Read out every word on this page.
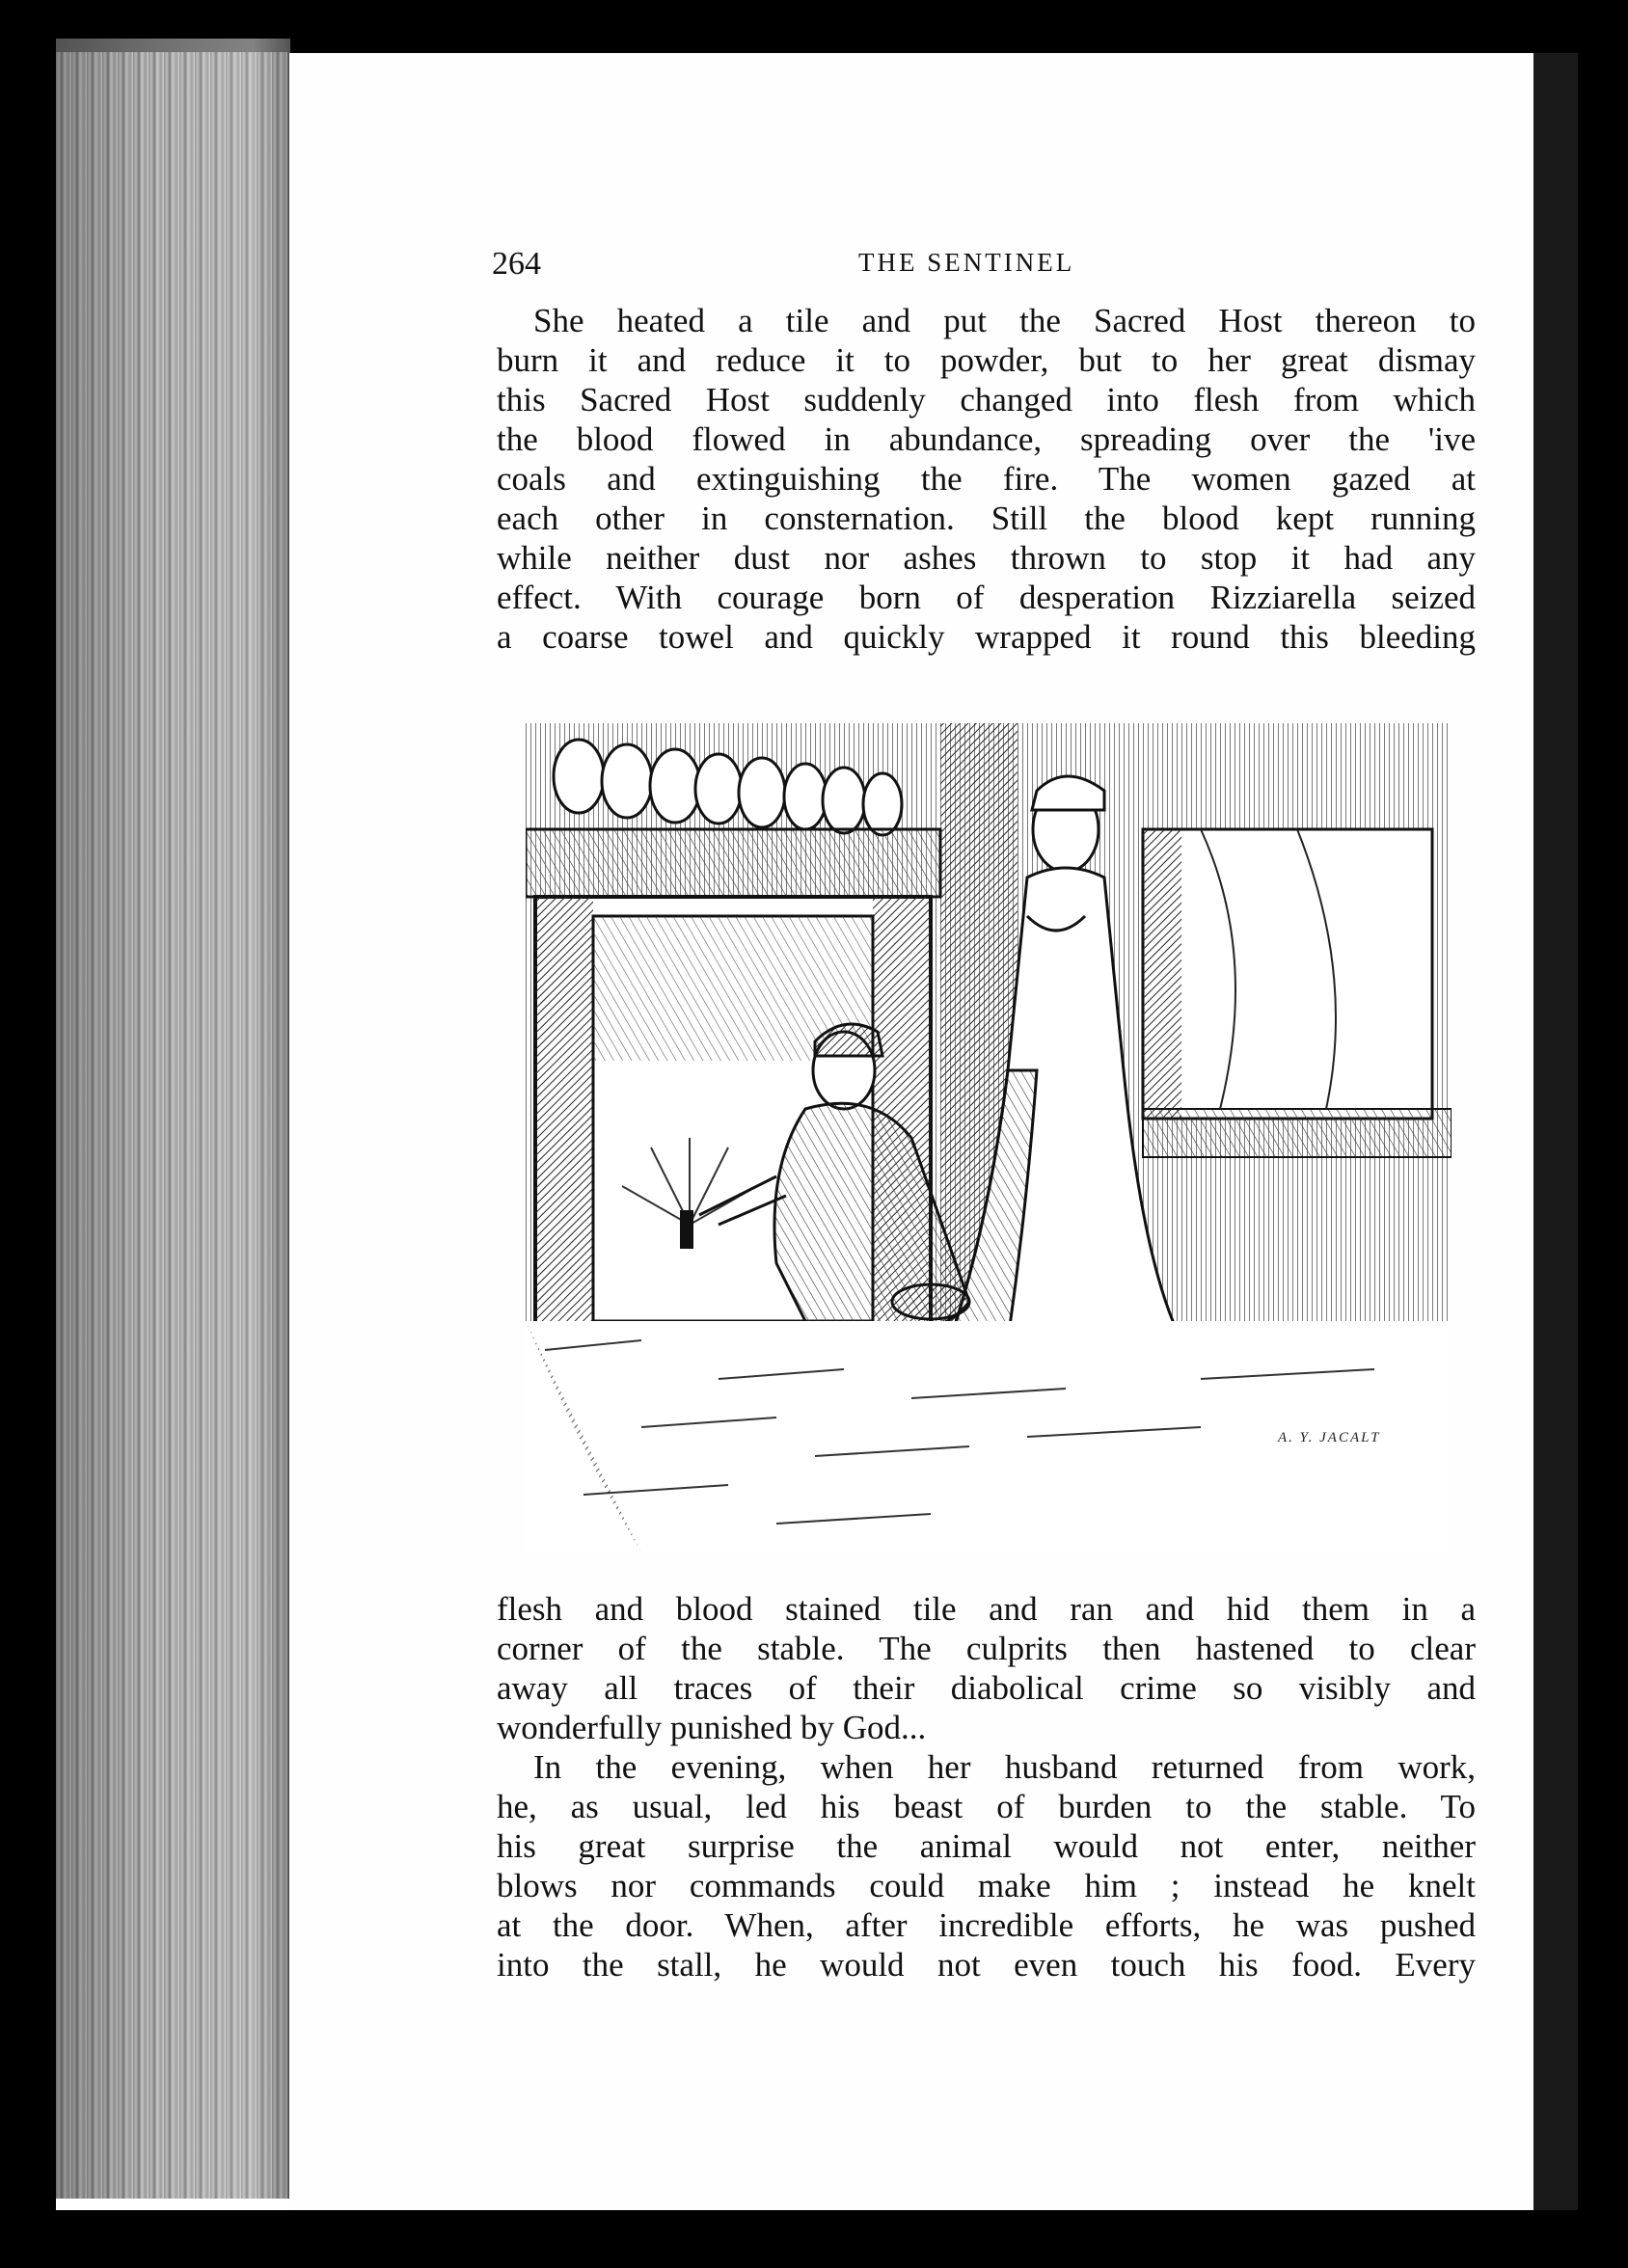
264	THE SENTINEL
She heated a tile and put the Sacred Host thereon to
burn it and reduce it to powder, but to her great dismay
this Sacred Host suddenly changed into flesh from which
the blood flowed in abundance, spreading over the 'ive
coals and extinguishing the fire. The women gazed at
each other in consternation. Still the blood kept running
while neither dust nor ashes thrown to stop it had any
effect. With courage born of desperation Rizziarella seized
a coarse towel and quickly wrapped it round this bleeding
A. Y. JACALT
flesh and blood stained tile and ran and hid them in a
corner of the stable. The culprits then hastened to clear
away all traces of their diabolical crime so visibly and
wonderfully punished by God...
In the evening, when her husband returned from work,
he, as usual, led his beast of burden to the stable. To
his great surprise the animal would not enter, neither
blows nor commands could make him ; instead he knelt
at the door. When, after incredible efforts, he was pushed
into the stall, he would not even touch his food. Every
